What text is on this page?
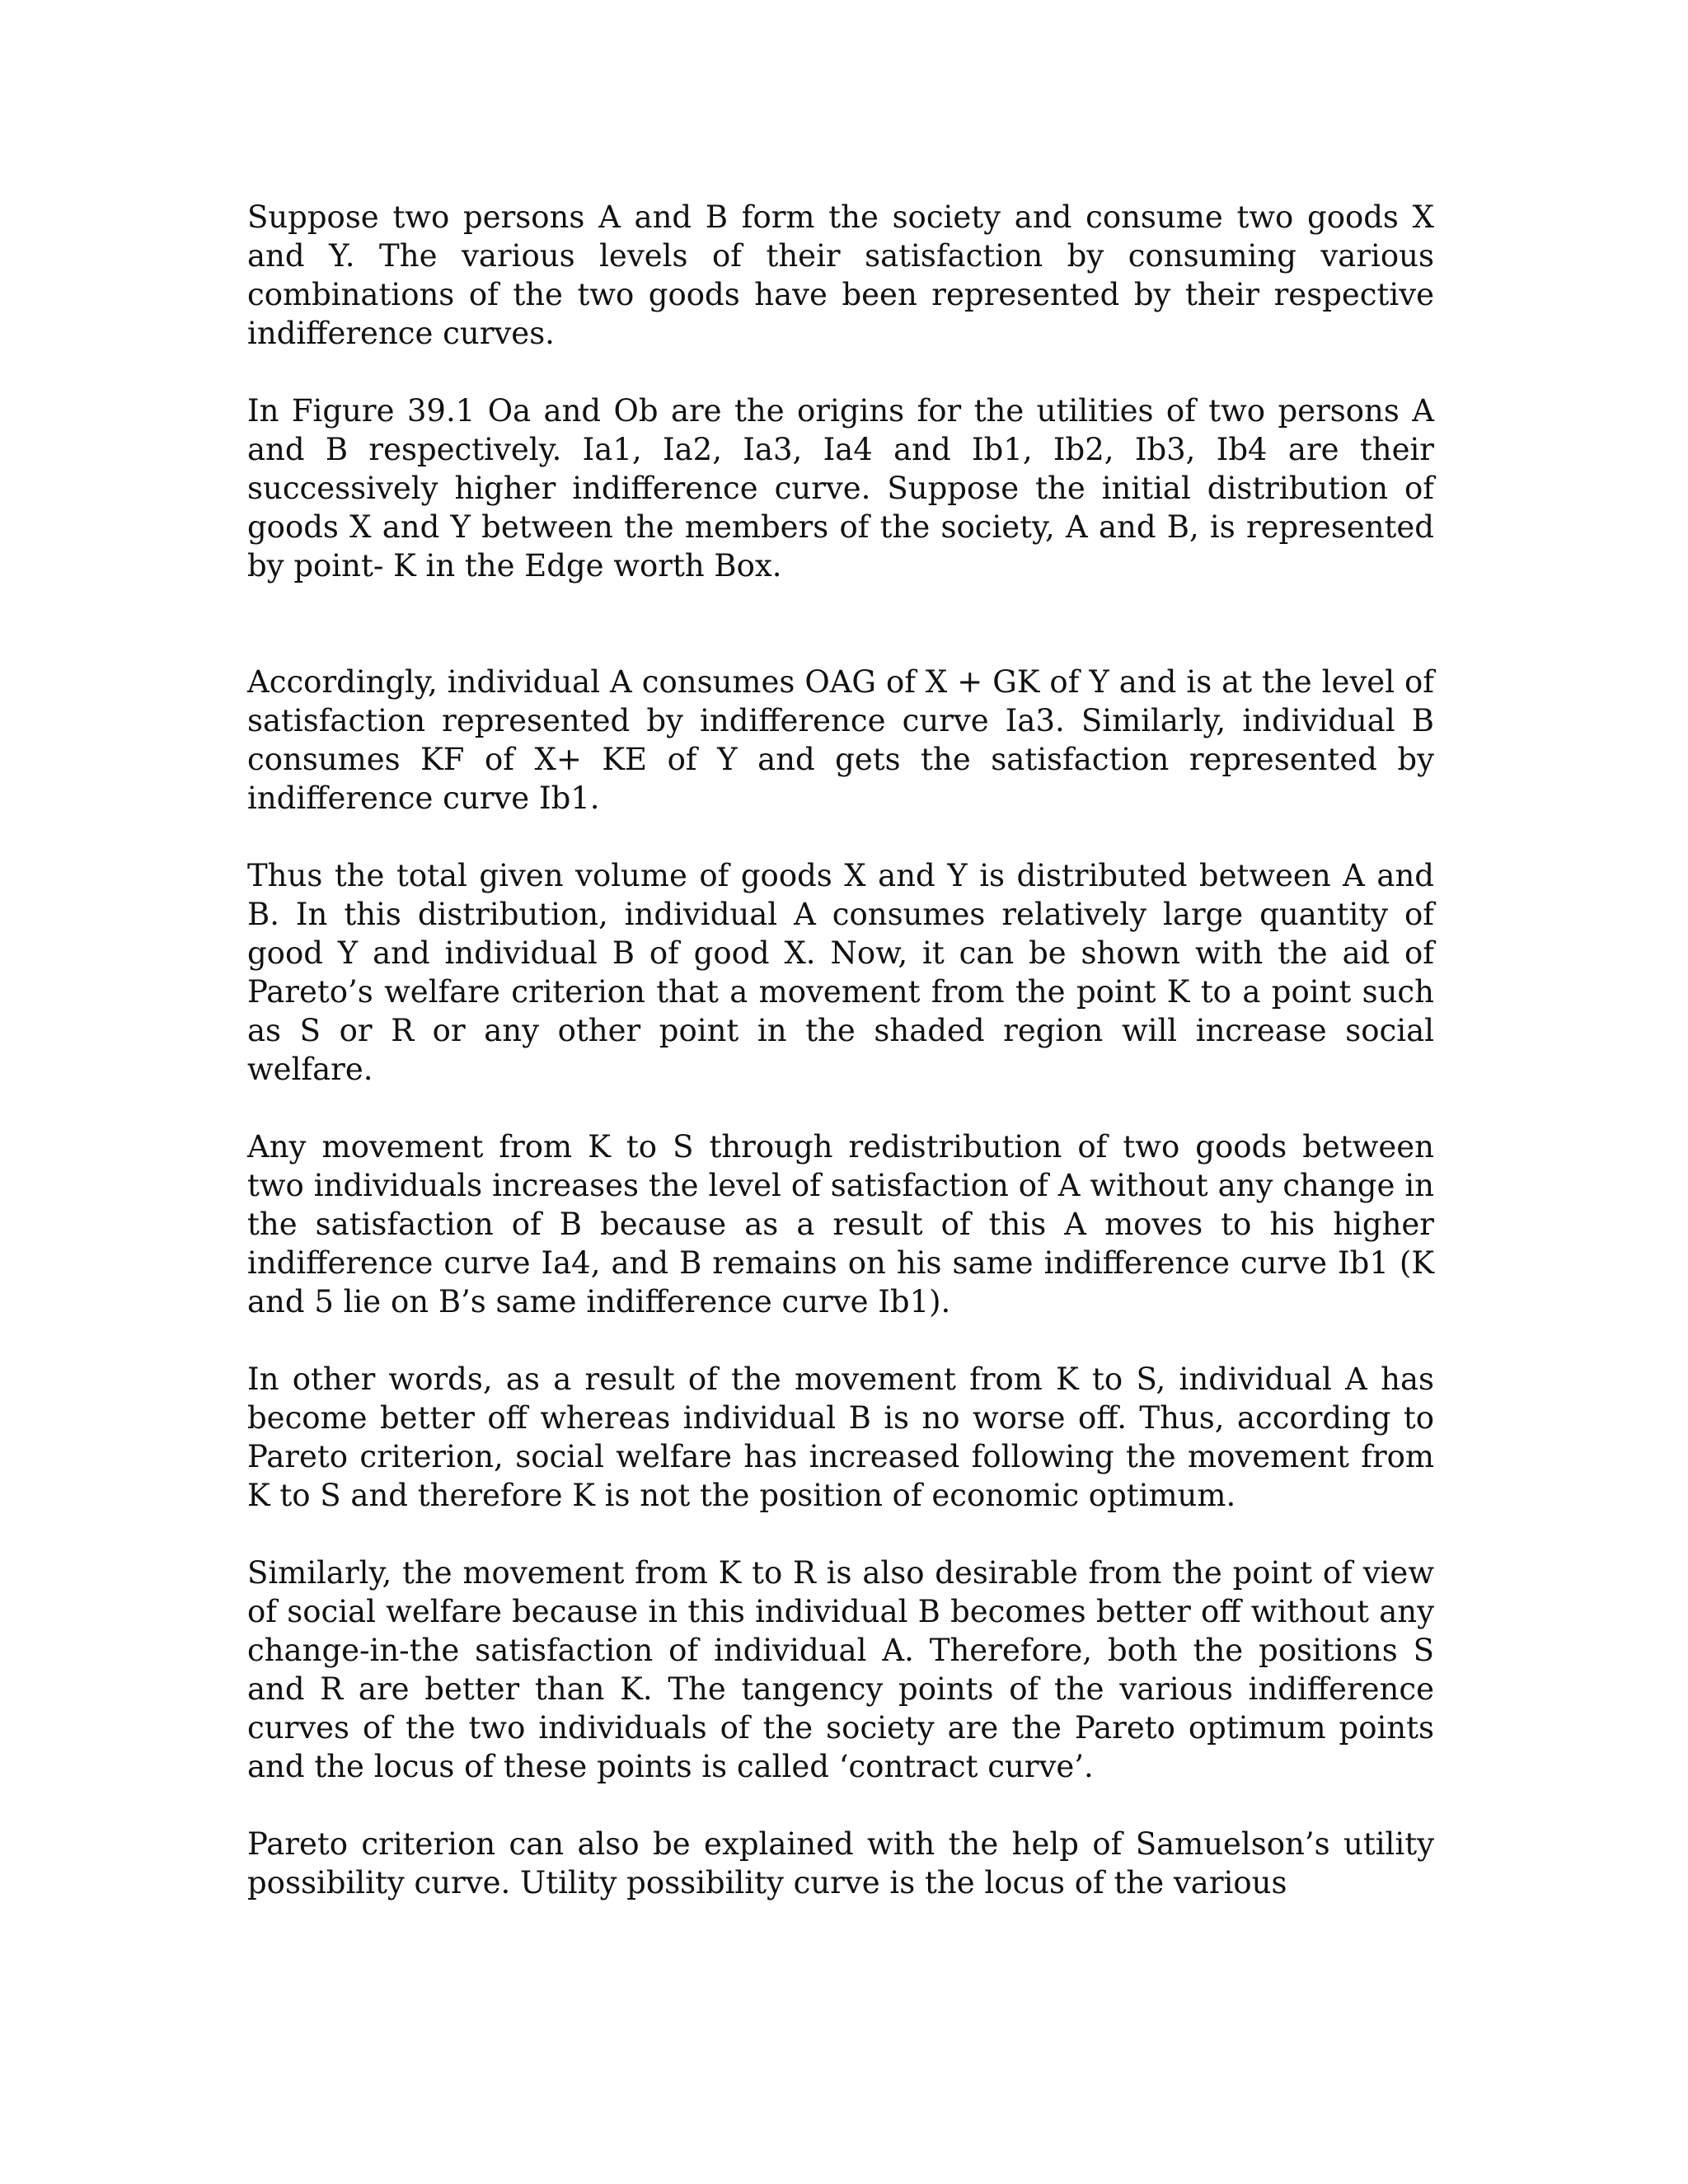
Suppose two persons A and B form the society and consume two goods X and Y. The various levels of their satisfaction by consuming various combinations of the two goods have been represented by their respective indifference curves.

In Figure 39.1 Oa and Ob are the origins for the utilities of two persons A and B respectively. Ia1, Ia2, Ia3, Ia4 and Ib1, Ib2, Ib3, Ib4 are their successively higher indifference curve. Suppose the initial distribution of goods X and Y between the members of the society, A and B, is represented by point- K in the Edge worth Box.

Accordingly, individual A consumes OAG of X + GK of Y and is at the level of satisfaction represented by indifference curve Ia3. Similarly, individual B consumes KF of X+ KE of Y and gets the satisfaction represented by indifference curve Ib1.

Thus the total given volume of goods X and Y is distributed between A and B. In this distribution, individual A consumes relatively large quantity of good Y and individual B of good X. Now, it can be shown with the aid of Pareto’s welfare criterion that a movement from the point K to a point such as S or R or any other point in the shaded region will increase social welfare.

Any movement from K to S through redistribution of two goods between two individuals increases the level of satisfaction of A without any change in the satisfaction of B because as a result of this A moves to his higher indifference curve Ia4, and B remains on his same indifference curve Ib1 (K and 5 lie on B’s same indifference curve Ib1).

In other words, as a result of the movement from K to S, individual A has become better off whereas individual B is no worse off. Thus, according to Pareto criterion, social welfare has increased following the movement from K to S and therefore K is not the position of economic optimum.

Similarly, the movement from K to R is also desirable from the point of view of social welfare because in this individual B becomes better off without any change-in-the satisfaction of individual A. Therefore, both the positions S and R are better than K. The tangency points of the various indifference curves of the two individuals of the society are the Pareto optimum points and the locus of these points is called ‘contract curve’.

Pareto criterion can also be explained with the help of Samuelson’s utility possibility curve. Utility possibility curve is the locus of the various
